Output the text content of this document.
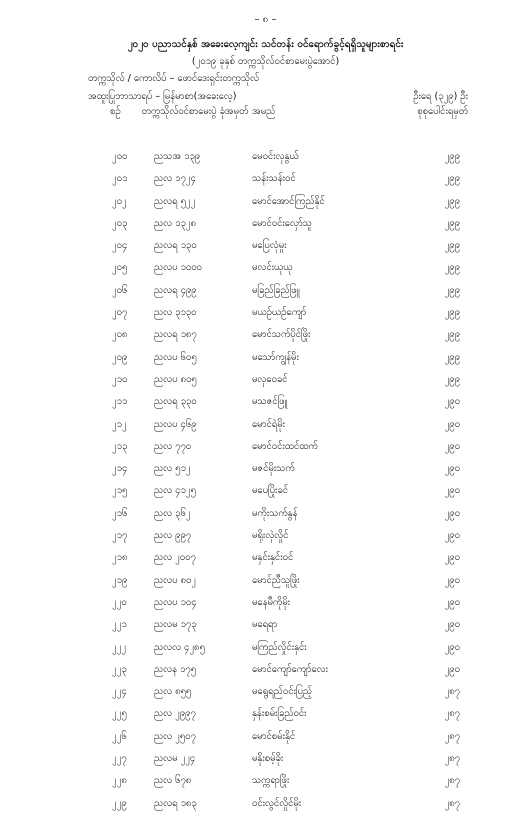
– ၈ –
၂၀၂၀ ပညာသင်နှစ် အခေးလေ့ကျင်း သင်တန်း ဝင်ရောက်ခွင့်ရရှိသူများစာရင်း
(၂၀၁၉ ခုနှစ် တက္ကသိုလ်ဝင်စာမေးပွဲအောင်)
တက္ကသိုလ် / ကောလိပ် – ဖောင်ဒေးရှင်းတက္ကသိုလ်
အထူးပြုဘာသာရပ် – မြန်မာစာ(အခေးလေ့)	ဦးရေ (၃၂၉) ဦး
စဉ်	တက္ကသိုလ်ဝင်စာမေးပွဲ ခုံအမှတ် အမည်	စုစုပေါင်းရမှတ်
၂၀၀	ညသအ ၁၃၉	မေဝင်းလှနွယ်	၂၉၉
၂၀၁	ညလ ၁၇၂၄	သန်းသန်းဝင်	၂၉၉
၂၀၂	ညလရ ၅၂၂	မောင်အောင်ကြည်နိုင်	၂၉၉
၂၀၃	ညလ ၁၃၂၈	မောင်ဝင်းလှော်သူ	၂၉၉
၂၀၄	ညလရ ၁၃၀	မပြေလုံမှုး	၂၉၉
၂၀၅	ညလပ ၁၀၀၀	မလင်းယုယု	၂၉၉
၂၀၆	ညလရ ၄၉၉	မခြည်ခြည်ဖြူ	၂၉၉
၂၀၇	ညလ ၃၁၃၀	မယဉ်ယဉ်ကျော်	၂၉၉
၂၀၈	ညလရ ၁၈၇	မောင်သက်ပိုင်ဖြိုး	၂၉၉
၂၀၉	ညလပ ၆၀၅	မသော်ကျွန်မိုး	၂၉၉
၂၁၀	ညလပ ၈၀၅	မလှဝေခင်	၂၉၉
၂၁၁	ညလရ ၃၃၀	မသဇင်ဖြူ	၂၉၀
၂၁၂	ညလပ ၄၆၉	မောင်ရဲမိုး	၂၉၀
၂၁၃	ညလ ၇၇၀	မောင်ဝင်းထင်ထက်	၂၉၀
၂၁၄	ညလ ၅၁၂	မဇင်မိုးသက်	၂၉၀
၂၁၅	ညလ ၄၁၂၅	မပေပြိုးခင်	၂၉၀
၂၁၆	ညလ ၃၆၂	မကိုးသက်နွန်	၂၉၀
၂၁၇	ညလ ၉၉၇	မရိုးလှဲလှိုင်	၂၉၀
၂၁၈	ညလ ၂၀၀၇	မနှင်းနှင်းဝင်	၂၉၀
၂၁၉	ညလပ ၈၀၂	မောင်ညီသူဖြိုး	၂၉၀
၂၂၀	ညလပ ၁၀၄	မနေမီကိုမိုး	၂၉၀
၂၂၁	ညလမ ၁၇၃	မရေရာ	၂၉၀
၂၂၂	ညလလ ၄၂၈၅	မကြည်လှိုင်းနှင်း	၂၉၀
၂၂၃	ညလန ၁၇၅	မောင်ကျော်ကျော်လေး	၂၉၀
၂၂၄	ညလ ၈၅၅	မရွေရည်ဝင်းပြည့်	၂၈၇
၂၂၅	ညလ ၂၉၉၇	နှန်းစမ်းခြည်ဝင်း	၂၈၇
၂၂၆	ညလ ၂၅၀၇	မောင်စမ်းနိုင်	၂၈၇
၂၂၇	ညလမ ၂၂၄	မနိုးစမ့်ခိုး	၂၈၇
၂၂၈	ညလ ၆၇၈	သက္ကရာဖြိုး	၂၈၇
၂၂၉	ညလရ ၁၈၃	ဝင်းလွင်လှိုင်မိုး	၂၈၇
